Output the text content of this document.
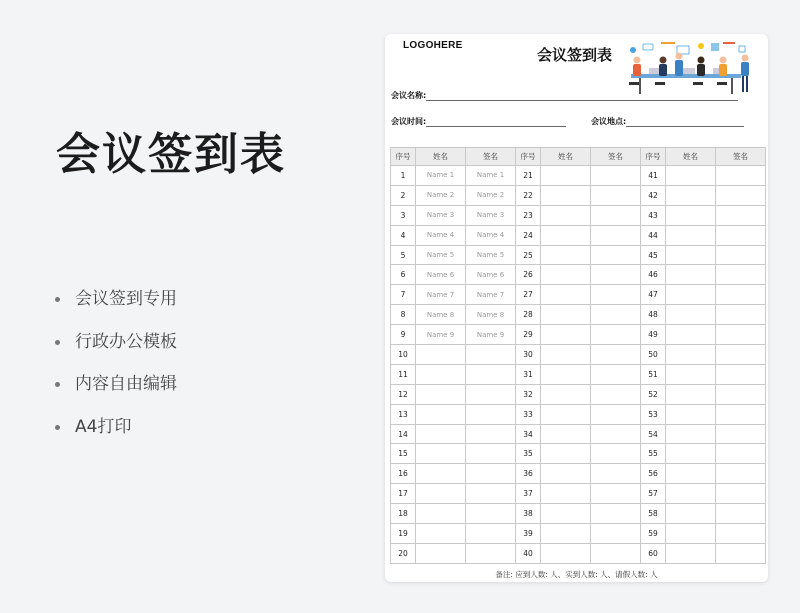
会议签到表
会议签到专用
行政办公模板
内容自由编辑
A4打印
LOGOHERE
会议签到表
会议名称:
会议时间:	会议地点:
序号	姓名	签名	序号	姓名	签名	序号	姓名	签名
1	Name 1	Name 1	21			41		
2	Name 2	Name 2	22			42		
3	Name 3	Name 3	23			43		
4	Name 4	Name 4	24			44		
5	Name 5	Name 5	25			45		
6	Name 6	Name 6	26			46		
7	Name 7	Name 7	27			47		
8	Name 8	Name 8	28			48		
9	Name 9	Name 9	29			49		
10			30			50		
11			31			51		
12			32			52		
13			33			53		
14			34			54		
15			35			55		
16			36			56		
17			37			57		
18			38			58		
19			39			59		
20			40			60		
备注: 应到人数: 人、实到人数: 人、请假人数: 人
